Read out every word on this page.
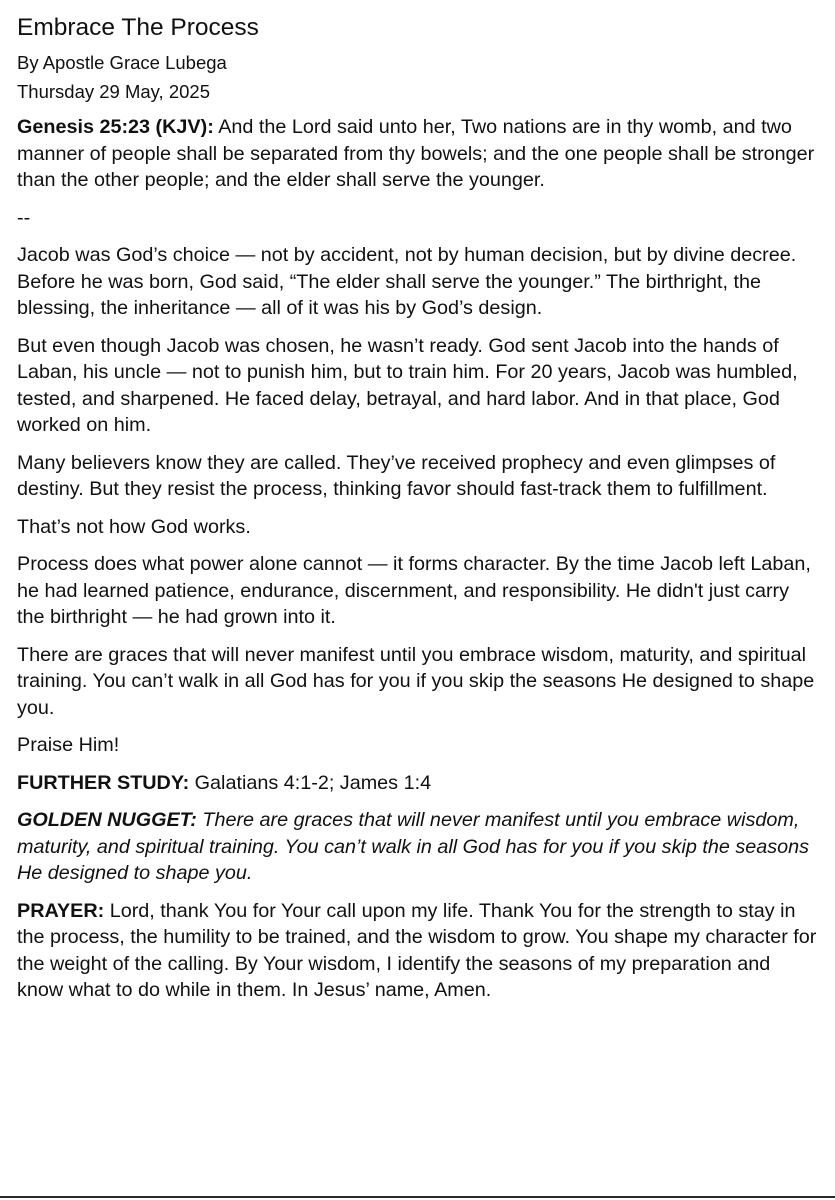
Embrace The Process
By Apostle Grace Lubega
Thursday 29 May, 2025

Genesis 25:23 (KJV): And the Lord said unto her, Two nations are in thy womb, and two manner of people shall be separated from thy bowels; and the one people shall be stronger than the other people; and the elder shall serve the younger.

--

Jacob was God’s choice — not by accident, not by human decision, but by divine decree. Before he was born, God said, “The elder shall serve the younger.” The birthright, the blessing, the inheritance — all of it was his by God’s design.

But even though Jacob was chosen, he wasn’t ready. God sent Jacob into the hands of Laban, his uncle — not to punish him, but to train him. For 20 years, Jacob was humbled, tested, and sharpened. He faced delay, betrayal, and hard labor. And in that place, God worked on him.

Many believers know they are called. They’ve received prophecy and even glimpses of destiny. But they resist the process, thinking favor should fast-track them to fulfillment.

That’s not how God works.

Process does what power alone cannot — it forms character. By the time Jacob left Laban, he had learned patience, endurance, discernment, and responsibility. He didn't just carry the birthright — he had grown into it.

There are graces that will never manifest until you embrace wisdom, maturity, and spiritual training. You can’t walk in all God has for you if you skip the seasons He designed to shape you.

Praise Him!

FURTHER STUDY: Galatians 4:1-2; James 1:4

GOLDEN NUGGET: There are graces that will never manifest until you embrace wisdom, maturity, and spiritual training. You can’t walk in all God has for you if you skip the seasons He designed to shape you.

PRAYER: Lord, thank You for Your call upon my life. Thank You for the strength to stay in the process, the humility to be trained, and the wisdom to grow. You shape my character for the weight of the calling. By Your wisdom, I identify the seasons of my preparation and know what to do while in them. In Jesus’ name, Amen.
